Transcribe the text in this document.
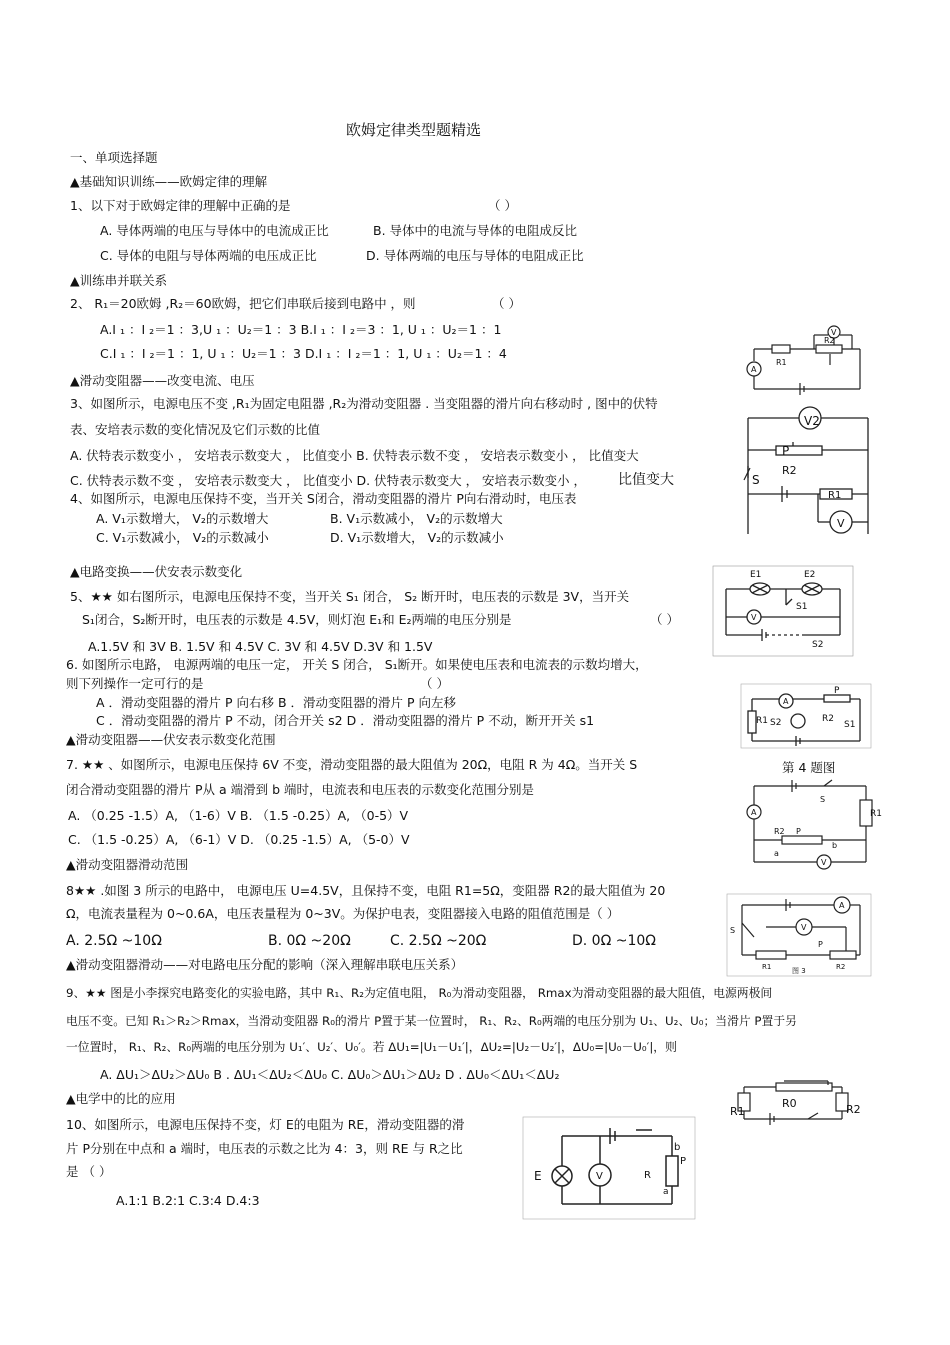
欧姆定律类型题精选
一、单项选择题
▲基础知识训练——欧姆定律的理解
1、以下对于欧姆定律的理解中正确的是	（ ）
A. 导体两端的电压与导体中的电流成正比	B. 导体中的电流与导体的电阻成反比
C. 导体的电阻与导体两端的电压成正比	D. 导体两端的电压与导体的电阻成正比
▲训练串并联关系
2、 R₁＝20欧姆 ,R₂＝60欧姆，把它们串联后接到电路中 ，则	（ ）
A.I ₁ ：I ₂＝1 ：3,U ₁ ：U₂＝1 ：3 B.I ₁ ：I ₂＝3 ：1, U ₁ ：U₂＝1 ：1
C.I ₁ ：I ₂＝1 ：1, U ₁ ：U₂＝1 ：3 D.I ₁ ：I ₂＝1 ：1, U ₁ ：U₂＝1 ：4
▲滑动变阻器——改变电流、电压
3、如图所示，电源电压不变 ,R₁为固定电阻器 ,R₂为滑动变阻器 . 当变阻器的滑片向右移动时 , 图中的伏特
表、安培表示数的变化情况及它们示数的比值
A. 伏特表示数变小 ， 安培表示数变大 ， 比值变小 B. 伏特表示数不变 ， 安培表示数变小 ， 比值变大
C. 伏特表示数不变 ， 安培表示数变大 ， 比值变小 D. 伏特表示数变大 ， 安培表示数变小 ， 比值变大
4、如图所示，电源电压保持不变，当开关 S闭合，滑动变阻器的滑片 P向右滑动时，电压表
A. V₁示数增大， V₂的示数增大	B. V₁示数减小， V₂的示数增大
C. V₁示数减小， V₂的示数减小	D. V₁示数增大， V₂的示数减小
▲电路变换——伏安表示数变化
5、★★ 如右图所示，电源电压保持不变，当开关 S₁ 闭合， S₂ 断开时，电压表的示数是 3V，当开关
S₁闭合，S₂断开时，电压表的示数是 4.5V，则灯泡 E₁和 E₂两端的电压分别是	（ ）
A.1.5V 和 3V B. 1.5V 和 4.5V C. 3V 和 4.5V D.3V 和 1.5V
6. 如图所示电路， 电源两端的电压一定， 开关 S 闭合， S₁断开。如果使电压表和电流表的示数均增大，
则下列操作一定可行的是	（ ）
A ．滑动变阻器的滑片 P 向右移 B ．滑动变阻器的滑片 P 向左移
C ．滑动变阻器的滑片 P 不动，闭合开关 s2 D ．滑动变阻器的滑片 P 不动，断开开关 s1
▲滑动变阻器——伏安表示数变化范围
7. ★★ 、如图所示，电源电压保持 6V 不变，滑动变阻器的最大阻值为 20Ω，电阻 R 为 4Ω。当开关 S
闭合滑动变阻器的滑片 P从 a 端滑到 b 端时，电流表和电压表的示数变化范围分别是
A. （0.25 -1.5）A, （1-6）V B. （1.5 -0.25）A, （0-5）V
C. （1.5 -0.25）A, （6-1）V D. （0.25 -1.5）A, （5-0）V
▲滑动变阻器滑动范围
8★★ .如图 3 所示的电路中， 电源电压 U=4.5V，且保持不变，电阻 R1=5Ω，变阻器 R2的最大阻值为 20
Ω，电流表量程为 0~0.6A，电压表量程为 0~3V。为保护电表，变阻器接入电路的阻值范围是（ ）
A. 2.5Ω ~10Ω	B. 0Ω ~20Ω	C. 2.5Ω ~20Ω	D. 0Ω ~10Ω
▲滑动变阻器滑动——对电路电压分配的影响（深入理解串联电压关系）
9、★★ 图是小李探究电路变化的实验电路，其中 R₁、R₂为定值电阻， R₀为滑动变阻器， Rmax为滑动变阻器的最大阻值，电源两极间
电压不变。已知 R₁＞R₂＞Rmax，当滑动变阻器 R₀的滑片 P置于某一位置时， R₁、R₂、R₀两端的电压分别为 U₁、U₂、U₀；当滑片 P置于另
一位置时， R₁、R₂、R₀两端的电压分别为 U₁′、U₂′、U₀′。若 ΔU₁=|U₁－U₁′|，ΔU₂=|U₂－U₂′|，ΔU₀=|U₀－U₀′|，则
A. ΔU₁＞ΔU₂＞ΔU₀ B . ΔU₁＜ΔU₂＜ΔU₀ C. ΔU₀＞ΔU₁＞ΔU₂ D . ΔU₀＜ΔU₁＜ΔU₂
▲电学中的比的应用
10、如图所示，电源电压保持不变，灯 E的电阻为 RE，滑动变阻器的滑
片 P分别在中点和 a 端时，电压表的示数之比为 4：3，则 RE 与 R之比
是 （ ）
A.1:1 B.2:1 C.3:4 D.4:3
V
R2
R1
A
V2
P
R2
S
R1
V
E1	E2
S1
V
S2
A
P
R1 S2	R2
S1
第 4 题图
A
S
R1
R2 P
a
b
V
A
S	V
P
R1	R2
图 3
R1
R0	R2
E	V
b
R
P
a
